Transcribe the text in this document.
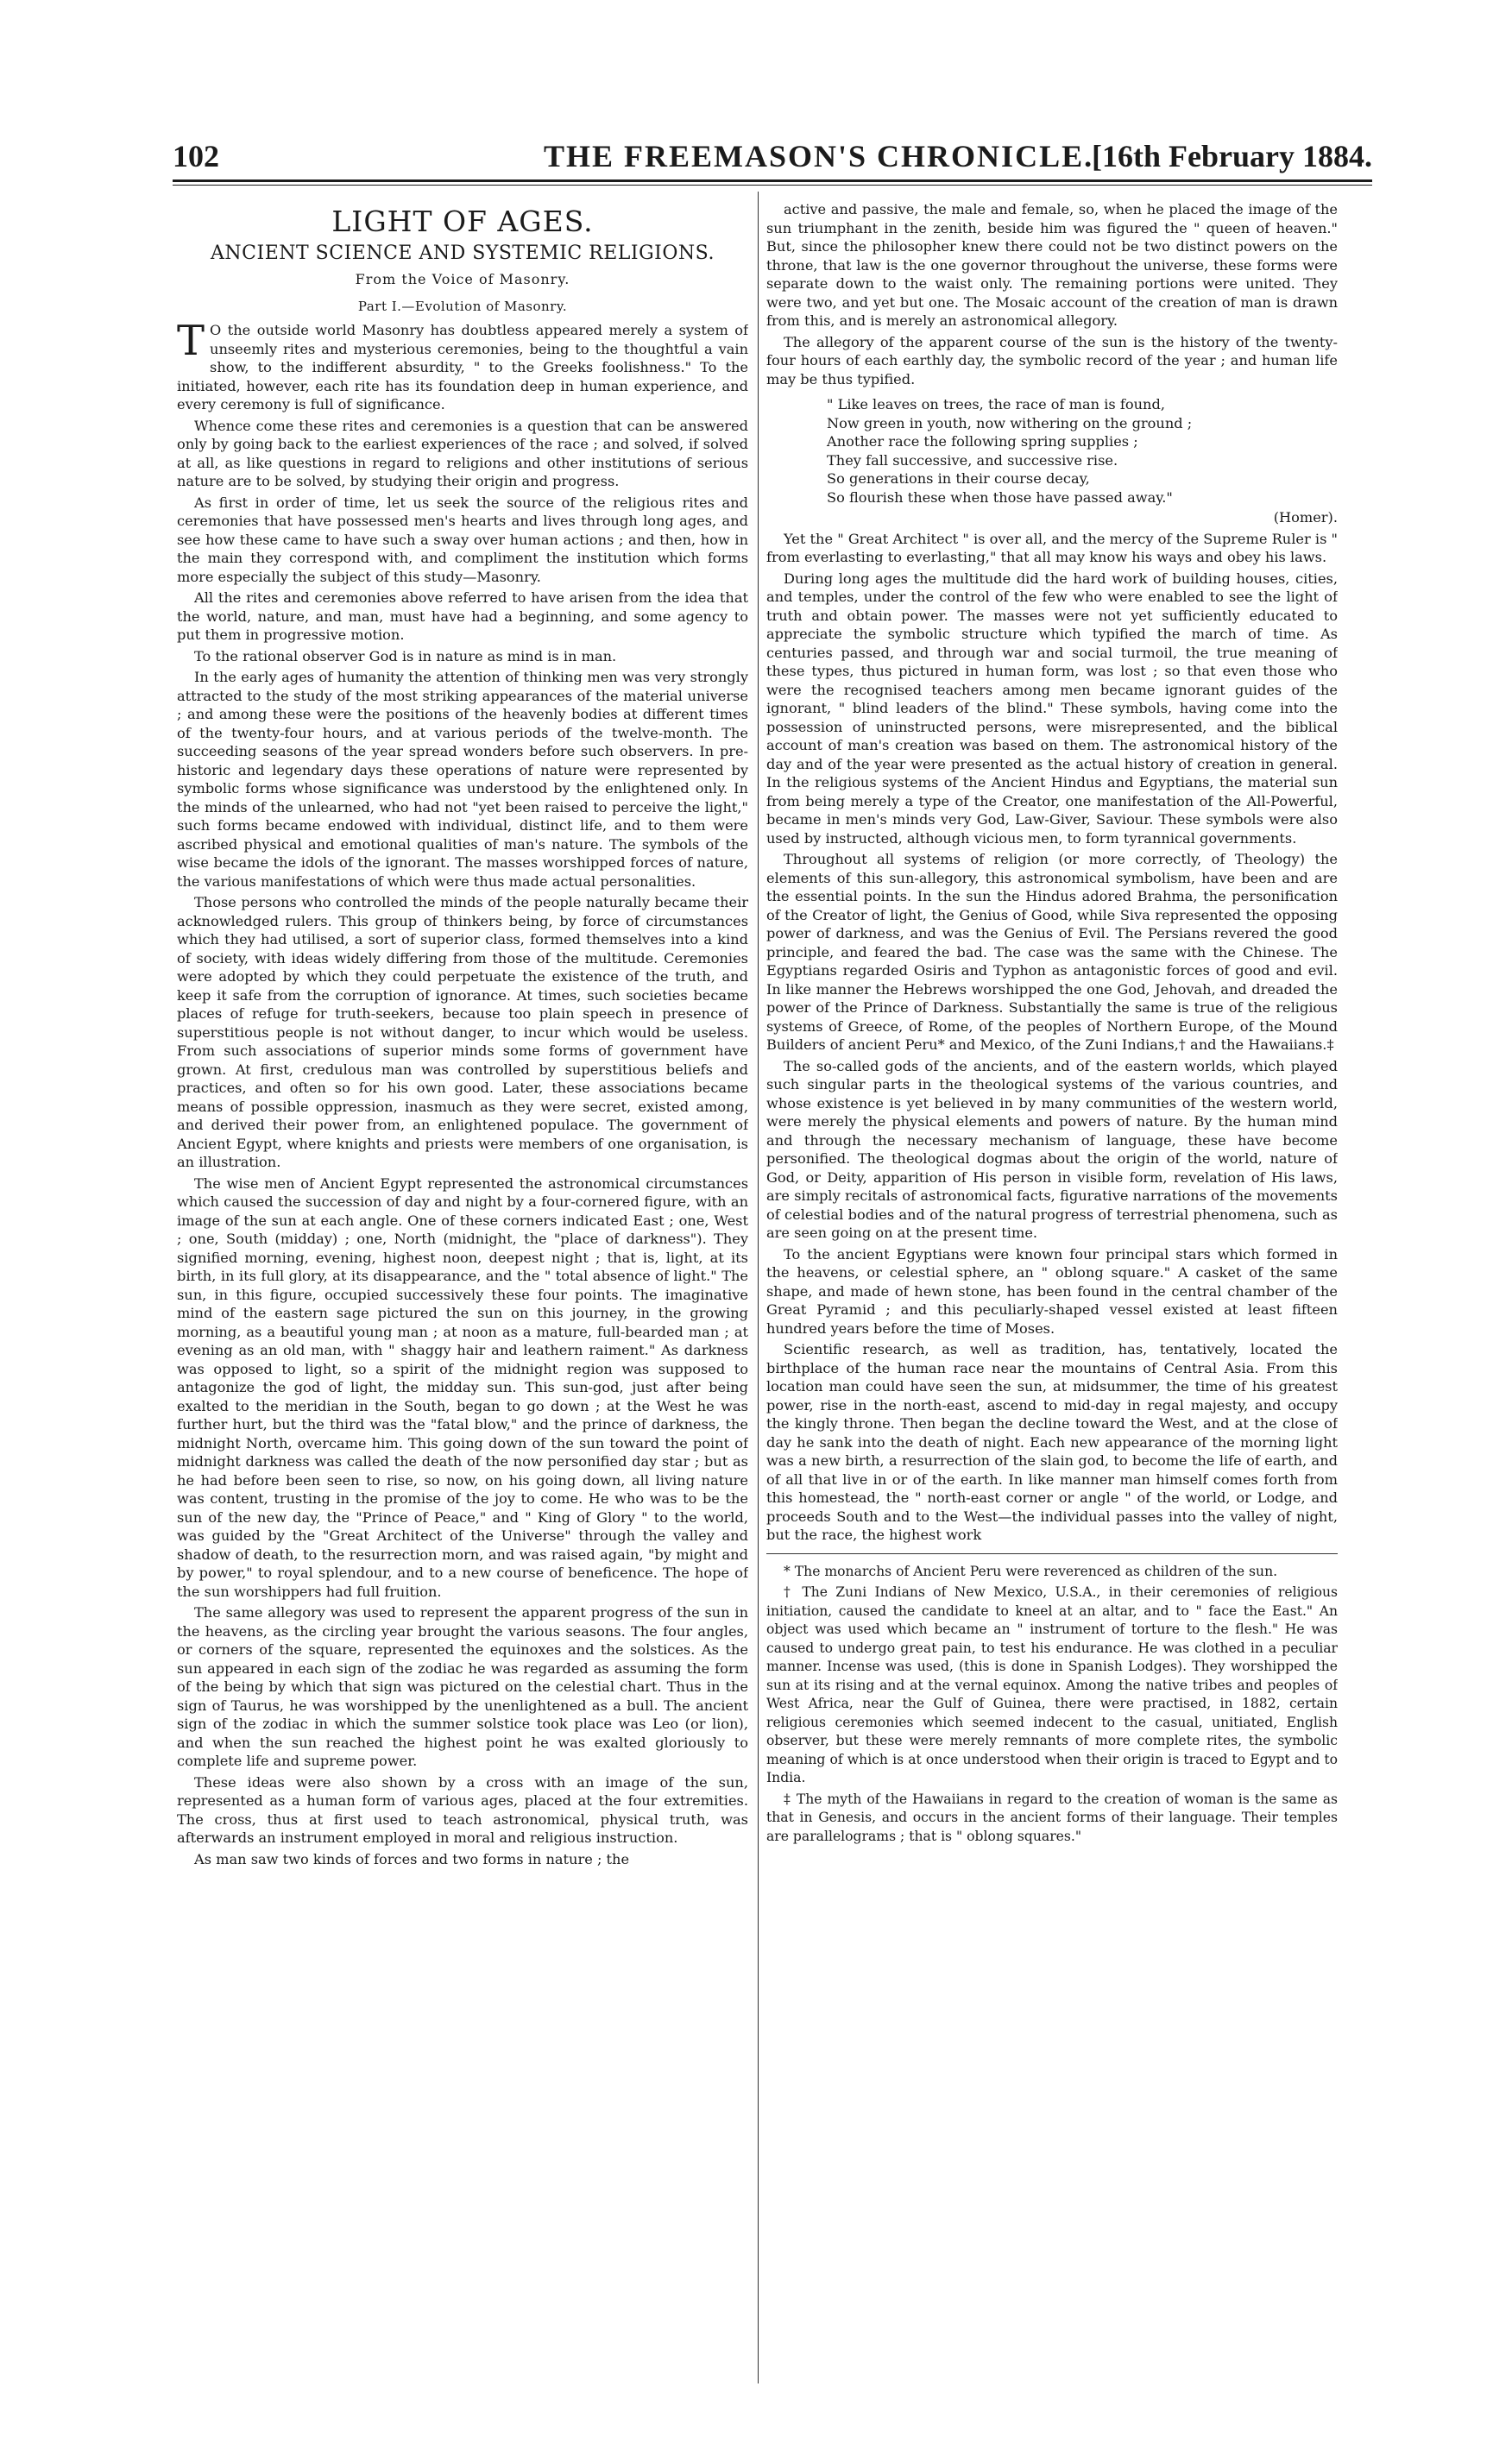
102	THE FREEMASON'S CHRONICLE.
[16th February 1884.
LIGHT OF AGES.
ANCIENT SCIENCE AND SYSTEMIC RELIGIONS.
From the Voice of Masonry.
Part I.—Evolution of Masonry.

T O the outside world Masonry has doubtless appeared merely a system of unseemly rites and mysterious ceremonies, being to the thoughtful a vain show, to the indifferent absurdity, " to the Greeks foolishness." To the initiated, however, each rite has its foundation deep in human experience, and every ceremony is full of significance.

Whence come these rites and ceremonies is a question that can be answered only by going back to the earliest experiences of the race ; and solved, if solved at all, as like questions in regard to religions and other institutions of serious nature are to be solved, by studying their origin and progress.

As first in order of time, let us seek the source of the religious rites and ceremonies that have possessed men's hearts and lives through long ages, and see how these came to have such a sway over human actions ; and then, how in the main they correspond with, and compliment the institution which forms more especially the subject of this study—Masonry.

All the rites and ceremonies above referred to have arisen from the idea that the world, nature, and man, must have had a beginning, and some agency to put them in progressive motion.

To the rational observer God is in nature as mind is in man.

In the early ages of humanity the attention of thinking men was very strongly attracted to the study of the most striking appearances of the material universe ; and among these were the positions of the heavenly bodies at different times of the twenty-four hours, and at various periods of the twelve-month. The succeeding seasons of the year spread wonders before such observers. In pre-historic and legendary days these operations of nature were represented by symbolic forms whose significance was understood by the enlightened only. In the minds of the unlearned, who had not "yet been raised to perceive the light," such forms became endowed with individual, distinct life, and to them were ascribed physical and emotional qualities of man's nature. The symbols of the wise became the idols of the ignorant. The masses worshipped forces of nature, the various manifestations of which were thus made actual personalities.

Those persons who controlled the minds of the people naturally became their acknowledged rulers. This group of thinkers being, by force of circumstances which they had utilised, a sort of superior class, formed themselves into a kind of society, with ideas widely differing from those of the multitude. Ceremonies were adopted by which they could perpetuate the existence of the truth, and keep it safe from the corruption of ignorance. At times, such societies became places of refuge for truth-seekers, because too plain speech in presence of superstitious people is not without danger, to incur which would be useless. From such associations of superior minds some forms of government have grown. At first, credulous man was controlled by superstitious beliefs and practices, and often so for his own good. Later, these associations became means of possible oppression, inasmuch as they were secret, existed among, and derived their power from, an enlightened populace. The government of Ancient Egypt, where knights and priests were members of one organisation, is an illustration.

The wise men of Ancient Egypt represented the astronomical circumstances which caused the succession of day and night by a four-cornered figure, with an image of the sun at each angle. One of these corners indicated East ; one, West ; one, South (midday) ; one, North (midnight, the "place of darkness"). They signified morning, evening, highest noon, deepest night ; that is, light, at its birth, in its full glory, at its disappearance, and the " total absence of light." The sun, in this figure, occupied successively these four points. The imaginative mind of the eastern sage pictured the sun on this journey, in the growing morning, as a beautiful young man ; at noon as a mature, full-bearded man ; at evening as an old man, with " shaggy hair and leathern raiment." As darkness was opposed to light, so a spirit of the midnight region was supposed to antagonize the god of light, the midday sun. This sun-god, just after being exalted to the meridian in the South, began to go down ; at the West he was further hurt, but the third was the "fatal blow," and the prince of darkness, the midnight North, overcame him. This going down of the sun toward the point of midnight darkness was called the death of the now personified day star ; but as he had before been seen to rise, so now, on his going down, all living nature was content, trusting in the promise of the joy to come. He who was to be the sun of the new day, the "Prince of Peace," and " King of Glory " to the world, was guided by the "Great Architect of the Universe" through the valley and shadow of death, to the resurrection morn, and was raised again, "by might and by power," to royal splendour, and to a new course of beneficence. The hope of the sun worshippers had full fruition.

The same allegory was used to represent the apparent progress of the sun in the heavens, as the circling year brought the various seasons. The four angles, or corners of the square, represented the equinoxes and the solstices. As the sun appeared in each sign of the zodiac he was regarded as assuming the form of the being by which that sign was pictured on the celestial chart. Thus in the sign of Taurus, he was worshipped by the unenlightened as a bull. The ancient sign of the zodiac in which the summer solstice took place was Leo (or lion), and when the sun reached the highest point he was exalted gloriously to complete life and supreme power.

These ideas were also shown by a cross with an image of the sun, represented as a human form of various ages, placed at the four extremities. The cross, thus at first used to teach astronomical, physical truth, was afterwards an instrument employed in moral and religious instruction.

As man saw two kinds of forces and two forms in nature ; the

active and passive, the male and female, so, when he placed the image of the sun triumphant in the zenith, beside him was figured the " queen of heaven." But, since the philosopher knew there could not be two distinct powers on the throne, that law is the one governor throughout the universe, these forms were separate down to the waist only. The remaining portions were united. They were two, and yet but one. The Mosaic account of the creation of man is drawn from this, and is merely an astronomical allegory.

The allegory of the apparent course of the sun is the history of the twenty-four hours of each earthly day, the symbolic record of the year ; and human life may be thus typified.

" Like leaves on trees, the race of man is found,
Now green in youth, now withering on the ground ;
Another race the following spring supplies ;
They fall successive, and successive rise.
So generations in their course decay,
So flourish these when those have passed away."

(Homer).

Yet the " Great Architect " is over all, and the mercy of the Supreme Ruler is " from everlasting to everlasting," that all may know his ways and obey his laws.

During long ages the multitude did the hard work of building houses, cities, and temples, under the control of the few who were enabled to see the light of truth and obtain power. The masses were not yet sufficiently educated to appreciate the symbolic structure which typified the march of time. As centuries passed, and through war and social turmoil, the true meaning of these types, thus pictured in human form, was lost ; so that even those who were the recognised teachers among men became ignorant guides of the ignorant, " blind leaders of the blind." These symbols, having come into the possession of uninstructed persons, were misrepresented, and the biblical account of man's creation was based on them. The astronomical history of the day and of the year were presented as the actual history of creation in general. In the religious systems of the Ancient Hindus and Egyptians, the material sun from being merely a type of the Creator, one manifestation of the All-Powerful, became in men's minds very God, Law-Giver, Saviour. These symbols were also used by instructed, although vicious men, to form tyrannical governments.

Throughout all systems of religion (or more correctly, of Theology) the elements of this sun-allegory, this astronomical symbolism, have been and are the essential points. In the sun the Hindus adored Brahma, the personification of the Creator of light, the Genius of Good, while Siva represented the opposing power of darkness, and was the Genius of Evil. The Persians revered the good principle, and feared the bad. The case was the same with the Chinese. The Egyptians regarded Osiris and Typhon as antagonistic forces of good and evil. In like manner the Hebrews worshipped the one God, Jehovah, and dreaded the power of the Prince of Darkness. Substantially the same is true of the religious systems of Greece, of Rome, of the peoples of Northern Europe, of the Mound Builders of ancient Peru* and Mexico, of the Zuni Indians,† and the Hawaiians.‡

The so-called gods of the ancients, and of the eastern worlds, which played such singular parts in the theological systems of the various countries, and whose existence is yet believed in by many communities of the western world, were merely the physical elements and powers of nature. By the human mind and through the necessary mechanism of language, these have become personified. The theological dogmas about the origin of the world, nature of God, or Deity, apparition of His person in visible form, revelation of His laws, are simply recitals of astronomical facts, figurative narrations of the movements of celestial bodies and of the natural progress of terrestrial phenomena, such as are seen going on at the present time.

To the ancient Egyptians were known four principal stars which formed in the heavens, or celestial sphere, an " oblong square." A casket of the same shape, and made of hewn stone, has been found in the central chamber of the Great Pyramid ; and this peculiarly-shaped vessel existed at least fifteen hundred years before the time of Moses.

Scientific research, as well as tradition, has, tentatively, located the birthplace of the human race near the mountains of Central Asia. From this location man could have seen the sun, at midsummer, the time of his greatest power, rise in the north-east, ascend to mid-day in regal majesty, and occupy the kingly throne. Then began the decline toward the West, and at the close of day he sank into the death of night. Each new appearance of the morning light was a new birth, a resurrection of the slain god, to become the life of earth, and of all that live in or of the earth. In like manner man himself comes forth from this homestead, the " north-east corner or angle " of the world, or Lodge, and proceeds South and to the West—the individual passes into the valley of night, but the race, the highest work

* The monarchs of Ancient Peru were reverenced as children of the sun.

† The Zuni Indians of New Mexico, U.S.A., in their ceremonies of religious initiation, caused the candidate to kneel at an altar, and to " face the East." An object was used which became an " instrument of torture to the flesh." He was caused to undergo great pain, to test his endurance. He was clothed in a peculiar manner. Incense was used, (this is done in Spanish Lodges). They worshipped the sun at its rising and at the vernal equinox. Among the native tribes and peoples of West Africa, near the Gulf of Guinea, there were practised, in 1882, certain religious ceremonies which seemed indecent to the casual, unitiated, English observer, but these were merely remnants of more complete rites, the symbolic meaning of which is at once understood when their origin is traced to Egypt and to India.

‡ The myth of the Hawaiians in regard to the creation of woman is the same as that in Genesis, and occurs in the ancient forms of their language. Their temples are parallelograms ; that is " oblong squares."
